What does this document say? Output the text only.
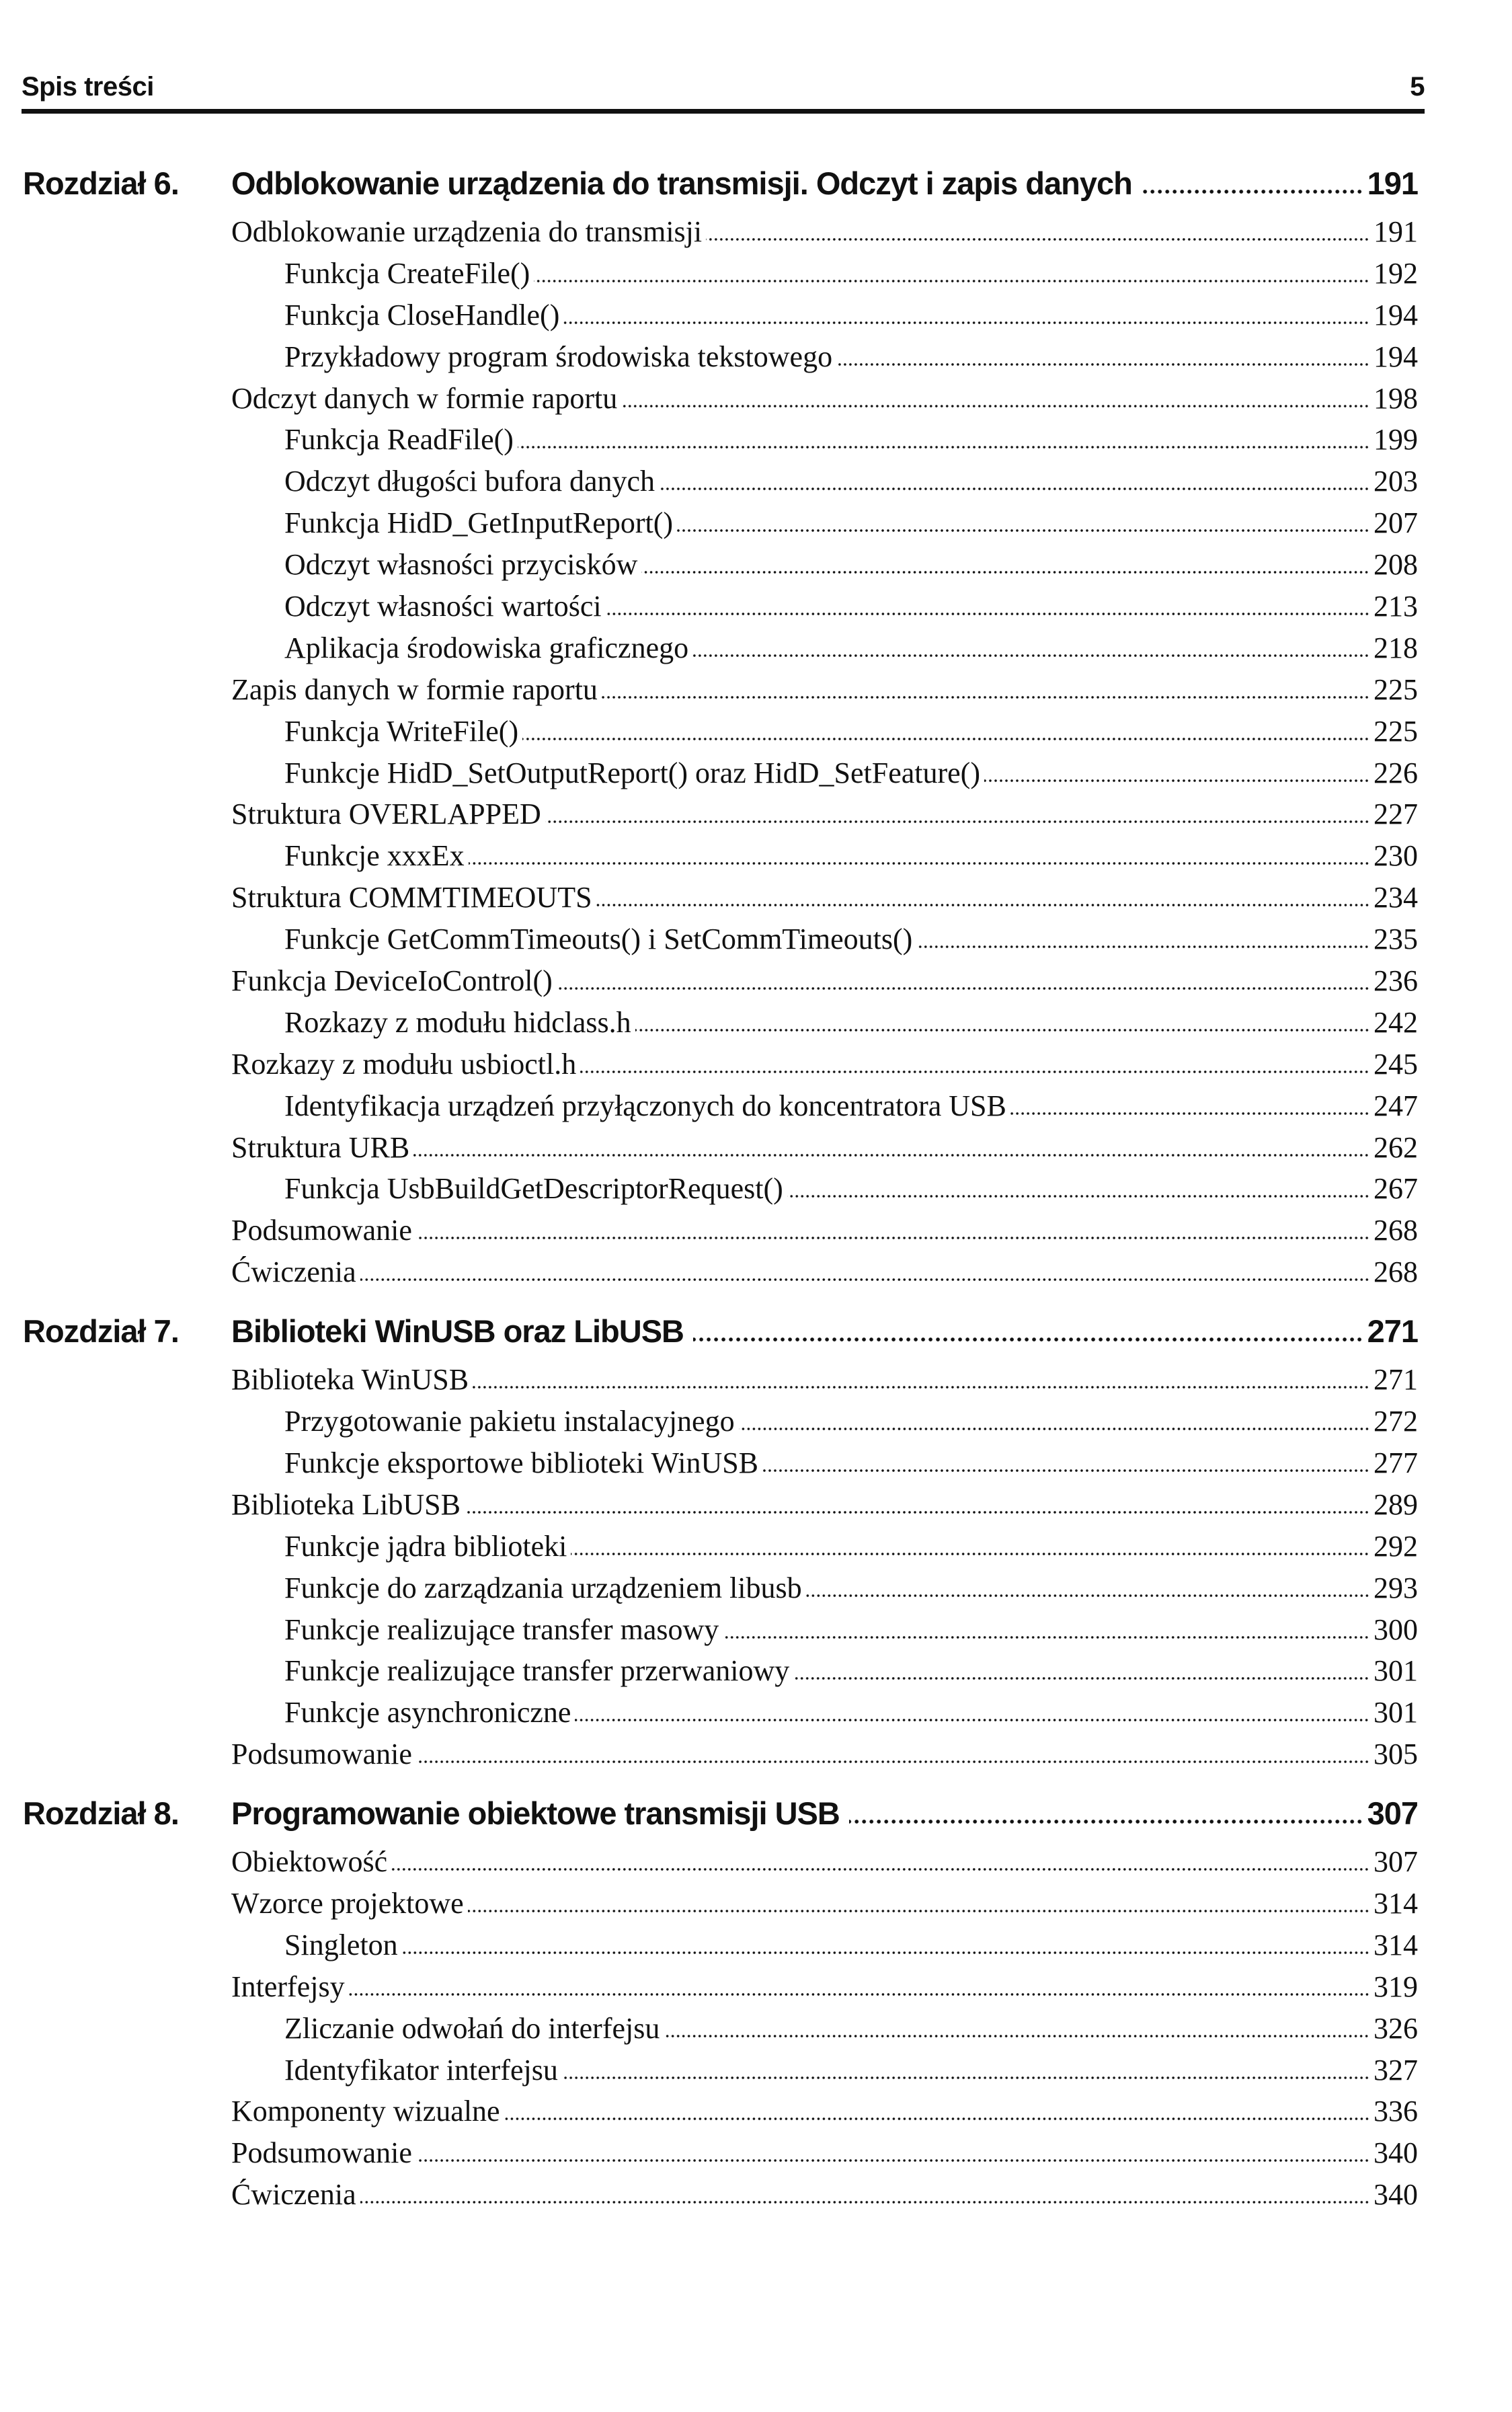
Spis treści	5
Rozdział 6.	Odblokowanie urządzenia do transmisji. Odczyt i zapis danych	191
Odblokowanie urządzenia do transmisji	191
Funkcja CreateFile()	192
Funkcja CloseHandle()	194
Przykładowy program środowiska tekstowego	194
Odczyt danych w formie raportu	198
Funkcja ReadFile()	199
Odczyt długości bufora danych	203
Funkcja HidD_GetInputReport()	207
Odczyt własności przycisków	208
Odczyt własności wartości	213
Aplikacja środowiska graficznego	218
Zapis danych w formie raportu	225
Funkcja WriteFile()	225
Funkcje HidD_SetOutputReport() oraz HidD_SetFeature()	226
Struktura OVERLAPPED	227
Funkcje xxxEx	230
Struktura COMMTIMEOUTS	234
Funkcje GetCommTimeouts() i SetCommTimeouts()	235
Funkcja DeviceIoControl()	236
Rozkazy z modułu hidclass.h	242
Rozkazy z modułu usbioctl.h	245
Identyfikacja urządzeń przyłączonych do koncentratora USB	247
Struktura URB	262
Funkcja UsbBuildGetDescriptorRequest()	267
Podsumowanie	268
Ćwiczenia	268
Rozdział 7.	Biblioteki WinUSB oraz LibUSB	271
Biblioteka WinUSB	271
Przygotowanie pakietu instalacyjnego	272
Funkcje eksportowe biblioteki WinUSB	277
Biblioteka LibUSB	289
Funkcje jądra biblioteki	292
Funkcje do zarządzania urządzeniem libusb	293
Funkcje realizujące transfer masowy	300
Funkcje realizujące transfer przerwaniowy	301
Funkcje asynchroniczne	301
Podsumowanie	305
Rozdział 8.	Programowanie obiektowe transmisji USB	307
Obiektowość	307
Wzorce projektowe	314
Singleton	314
Interfejsy	319
Zliczanie odwołań do interfejsu	326
Identyfikator interfejsu	327
Komponenty wizualne	336
Podsumowanie	340
Ćwiczenia	340
